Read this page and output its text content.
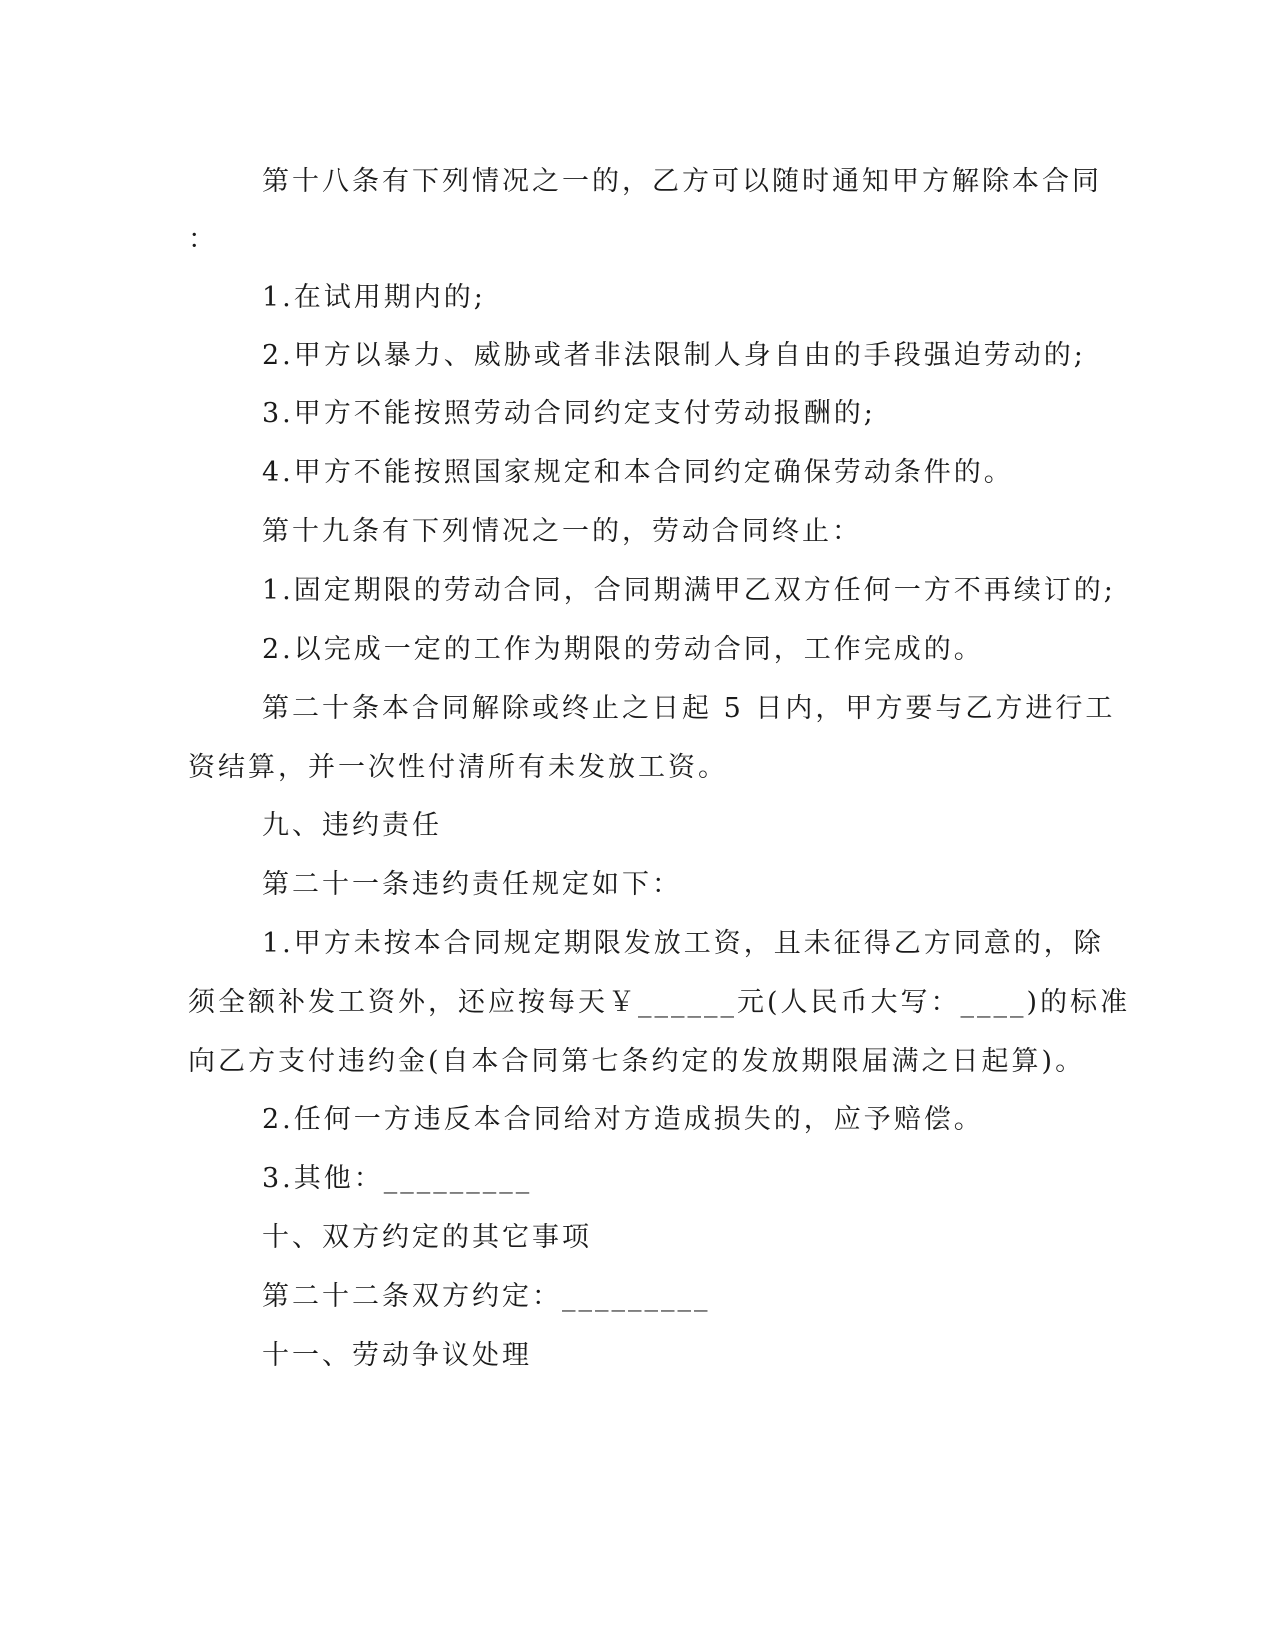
第十八条有下列情况之一的，乙方可以随时通知甲方解除本合同
：
1.在试用期内的;
2.甲方以暴力、威胁或者非法限制人身自由的手段强迫劳动的;
3.甲方不能按照劳动合同约定支付劳动报酬的;
4.甲方不能按照国家规定和本合同约定确保劳动条件的。
第十九条有下列情况之一的，劳动合同终止：
1.固定期限的劳动合同，合同期满甲乙双方任何一方不再续订的;
2.以完成一定的工作为期限的劳动合同，工作完成的。
第二十条本合同解除或终止之日起 5 日内，甲方要与乙方进行工
资结算，并一次性付清所有未发放工资。
九、违约责任
第二十一条违约责任规定如下：
1.甲方未按本合同规定期限发放工资，且未征得乙方同意的，除
须全额补发工资外，还应按每天￥______元(人民币大写：____)的标准
向乙方支付违约金(自本合同第七条约定的发放期限届满之日起算)。
2.任何一方违反本合同给对方造成损失的，应予赔偿。
3.其他：_________
十、双方约定的其它事项
第二十二条双方约定：_________
十一、劳动争议处理
